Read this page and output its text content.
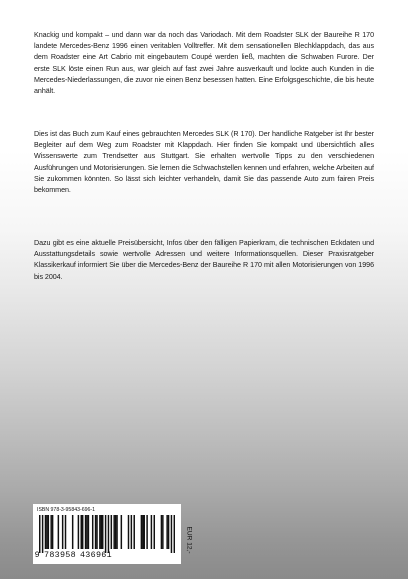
Knackig und kompakt – und dann war da noch das Variodach. Mit dem Roadster SLK der Baureihe R 170 landete Mercedes-Benz 1996 einen veritablen Volltreffer. Mit dem sensationellen Blechklappdach, das aus dem Roadster eine Art Cabrio mit eingebautem Coupé werden ließ, machten die Schwaben Furore. Der erste SLK löste einen Run aus, war gleich auf fast zwei Jahre ausverkauft und lockte auch Kunden in die Mercedes-Niederlassungen, die zuvor nie einen Benz besessen hatten. Eine Erfolgsgeschichte, die bis heute anhält.

Dies ist das Buch zum Kauf eines gebrauchten Mercedes SLK (R 170). Der handliche Ratgeber ist Ihr bester Begleiter auf dem Weg zum Roadster mit Klappdach. Hier finden Sie kompakt und übersichtlich alles Wissenswerte zum Trendsetter aus Stuttgart. Sie erhalten wertvolle Tipps zu den verschiedenen Ausführungen und Motorisierungen. Sie lernen die Schwachstellen kennen und erfahren, welche Arbeiten auf Sie zukommen könnten. So lässt sich leichter verhandeln, damit Sie das passende Auto zum fairen Preis bekommen.

Dazu gibt es eine aktuelle Preisübersicht, Infos über den fälligen Papierkram, die technischen Eckdaten und Ausstattungsdetails sowie wertvolle Adressen und weitere Informationsquellen. Dieser Praxisratgeber Klassikerkauf informiert Sie über die Mercedes-Benz der Baureihe R 170 mit allen Motorisierungen von 1996 bis 2004.

ISBN 978-3-95843-696-1
9 783958 436961
EUR 12,-
